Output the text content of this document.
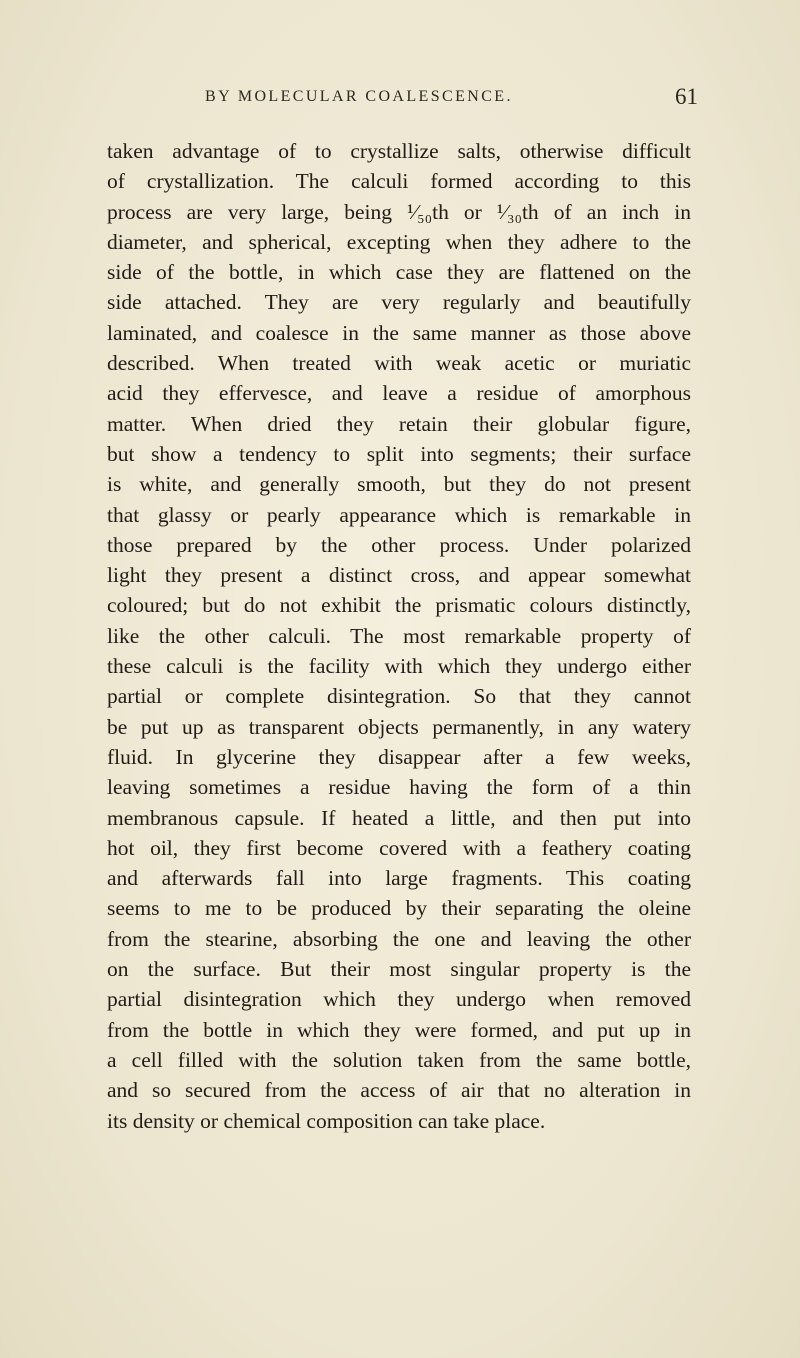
BY MOLECULAR COALESCENCE.	61
taken advantage of to crystallize salts, otherwise difficult
of crystallization. The calculi formed according to this
process are very large, being ¹⁄₅₀th or ¹⁄₃₀th of an inch in
diameter, and spherical, excepting when they adhere to the
side of the bottle, in which case they are flattened on the
side attached. They are very regularly and beautifully
laminated, and coalesce in the same manner as those above
described. When treated with weak acetic or muriatic
acid they effervesce, and leave a residue of amorphous
matter. When dried they retain their globular figure,
but show a tendency to split into segments; their surface
is white, and generally smooth, but they do not present
that glassy or pearly appearance which is remarkable in
those prepared by the other process. Under polarized
light they present a distinct cross, and appear somewhat
coloured; but do not exhibit the prismatic colours distinctly,
like the other calculi. The most remarkable property of
these calculi is the facility with which they undergo either
partial or complete disintegration. So that they cannot
be put up as transparent objects permanently, in any watery
fluid. In glycerine they disappear after a few weeks,
leaving sometimes a residue having the form of a thin
membranous capsule. If heated a little, and then put into
hot oil, they first become covered with a feathery coating
and afterwards fall into large fragments. This coating
seems to me to be produced by their separating the oleine
from the stearine, absorbing the one and leaving the other
on the surface. But their most singular property is the
partial disintegration which they undergo when removed
from the bottle in which they were formed, and put up in
a cell filled with the solution taken from the same bottle,
and so secured from the access of air that no alteration in
its density or chemical composition can take place.
